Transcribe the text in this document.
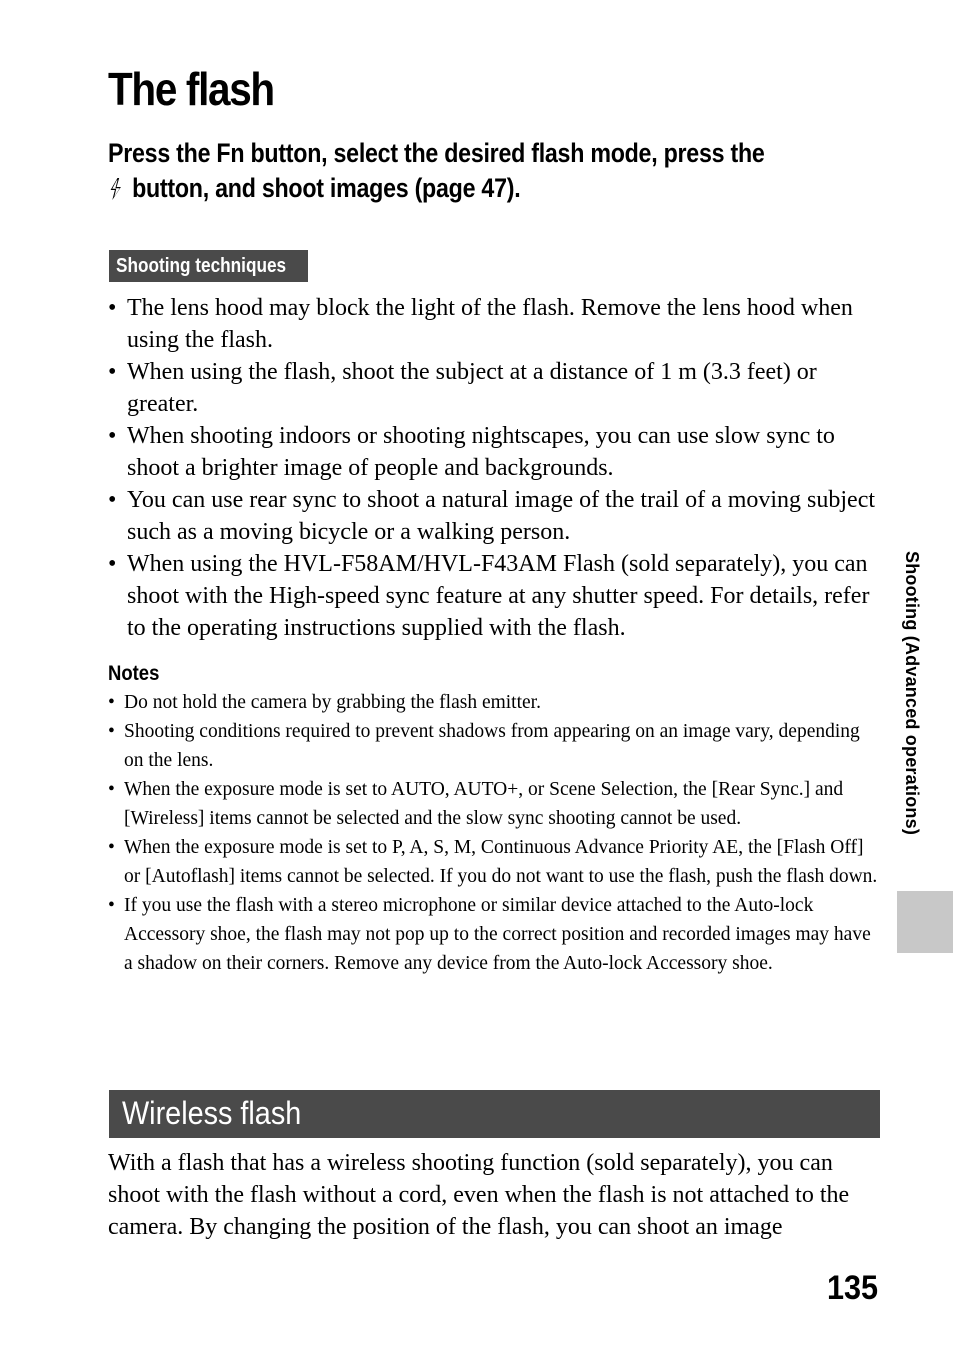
The flash
Press the Fn button, select the desired flash mode, press the
button, and shoot images (page 47).
Shooting techniques
• The lens hood may block the light of the flash. Remove the lens hood when using the flash.
• When using the flash, shoot the subject at a distance of 1 m (3.3 feet) or greater.
• When shooting indoors or shooting nightscapes, you can use slow sync to shoot a brighter image of people and backgrounds.
• You can use rear sync to shoot a natural image of the trail of a moving subject such as a moving bicycle or a walking person.
• When using the HVL-F58AM/HVL-F43AM Flash (sold separately), you can shoot with the High-speed sync feature at any shutter speed. For details, refer to the operating instructions supplied with the flash.
Notes
• Do not hold the camera by grabbing the flash emitter.
• Shooting conditions required to prevent shadows from appearing on an image vary, depending on the lens.
• When the exposure mode is set to AUTO, AUTO+, or Scene Selection, the [Rear Sync.] and [Wireless] items cannot be selected and the slow sync shooting cannot be used.
• When the exposure mode is set to P, A, S, M, Continuous Advance Priority AE, the [Flash Off] or [Autoflash] items cannot be selected. If you do not want to use the flash, push the flash down.
• If you use the flash with a stereo microphone or similar device attached to the Auto-lock Accessory shoe, the flash may not pop up to the correct position and recorded images may have a shadow on their corners. Remove any device from the Auto-lock Accessory shoe.
Wireless flash
With a flash that has a wireless shooting function (sold separately), you can shoot with the flash without a cord, even when the flash is not attached to the camera. By changing the position of the flash, you can shoot an image
Shooting (Advanced operations)
135
